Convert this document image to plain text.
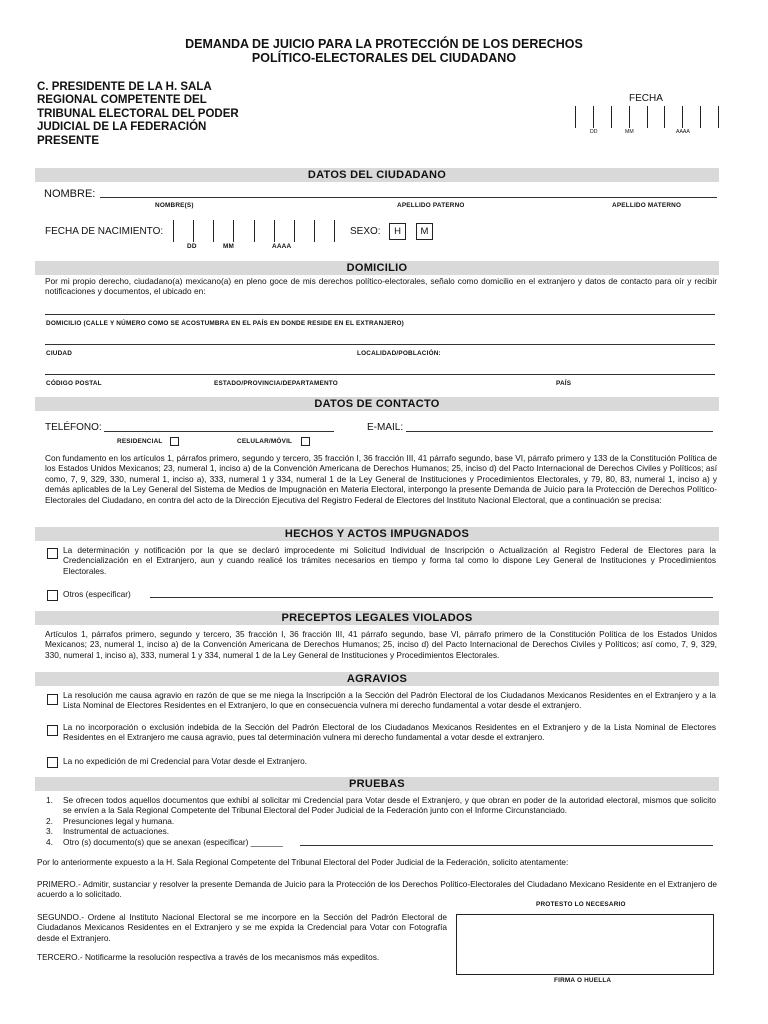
DEMANDA DE JUICIO PARA LA PROTECCIÓN DE LOS DERECHOS
POLÍTICO-ELECTORALES DEL CIUDADANO
C. PRESIDENTE DE LA H. SALA
REGIONAL COMPETENTE DEL
TRIBUNAL ELECTORAL DEL PODER
JUDICIAL DE LA FEDERACIÓN
PRESENTE
FECHA
DD	MM	AAAA
DATOS DEL CIUDADANO
NOMBRE:
NOMBRE(S)	APELLIDO PATERNO	APELLIDO MATERNO
FECHA DE NACIMIENTO:
DD	MM	AAAA
SEXO:	H	M
DOMICILIO
Por mi propio derecho, ciudadano(a) mexicano(a) en pleno goce de mis derechos político-electorales, señalo como domicilio en el extranjero y datos de contacto para oír y recibir notificaciones y documentos, el ubicado en:
DOMICILIO (CALLE Y NÚMERO COMO SE ACOSTUMBRA EN EL PAÍS EN DONDE RESIDE EN EL EXTRANJERO)
CIUDAD	LOCALIDAD/POBLACIÓN:
CÓDIGO POSTAL	ESTADO/PROVINCIA/DEPARTAMENTO	PAÍS
DATOS DE CONTACTO
TELÉFONO:	E-MAIL:
RESIDENCIAL	CELULAR/MÓVIL
Con fundamento en los artículos 1, párrafos primero, segundo y tercero, 35 fracción I, 36 fracción III, 41 párrafo segundo, base VI, párrafo primero y 133 de la Constitución Política de los Estados Unidos Mexicanos; 23, numeral 1, inciso a) de la Convención Americana de Derechos Humanos; 25, inciso d) del Pacto Internacional de Derechos Civiles y Políticos; así como, 7, 9, 329, 330, numeral 1, inciso a), 333, numeral 1 y 334, numeral 1 de la Ley General de Instituciones y Procedimientos Electorales, y 79, 80, 83, numeral 1, inciso a) y demás aplicables de la Ley General del Sistema de Medios de Impugnación en Materia Electoral, interpongo la presente Demanda de Juicio para la Protección de Derechos Político-Electorales del Ciudadano, en contra del acto de la Dirección Ejecutiva del Registro Federal de Electores del Instituto Nacional Electoral, que a continuación se precisa:
HECHOS Y ACTOS IMPUGNADOS
La determinación y notificación por la que se declaró improcedente mi Solicitud Individual de Inscripción o Actualización al Registro Federal de Electores para la Credencialización en el Extranjero, aun y cuando realicé los trámites necesarios en tiempo y forma tal como lo dispone Ley General de Instituciones y Procedimientos Electorales.
Otros (especificar)
PRECEPTOS LEGALES VIOLADOS
Artículos 1, párrafos primero, segundo y tercero, 35 fracción I, 36 fracción III, 41 párrafo segundo, base VI, párrafo primero de la Constitución Política de los Estados Unidos Mexicanos; 23, numeral 1, inciso a) de la Convención Americana de Derechos Humanos; 25, inciso d) del Pacto Internacional de Derechos Civiles y Políticos; así como, 7, 9, 329, 330, numeral 1, inciso a), 333, numeral 1 y 334, numeral 1 de la Ley General de Instituciones y Procedimientos Electorales.
AGRAVIOS
La resolución me causa agravio en razón de que se me niega la Inscripción a la Sección del Padrón Electoral de los Ciudadanos Mexicanos Residentes en el Extranjero y a la Lista Nominal de Electores Residentes en el Extranjero, lo que en consecuencia vulnera mi derecho fundamental a votar desde el extranjero.
La no incorporación o exclusión indebida de la Sección del Padrón Electoral de los Ciudadanos Mexicanos Residentes en el Extranjero y de la Lista Nominal de Electores Residentes en el Extranjero me causa agravio, pues tal determinación vulnera mi derecho fundamental a votar desde el extranjero.
La no expedición de mi Credencial para Votar desde el Extranjero.
PRUEBAS
1. Se ofrecen todos aquellos documentos que exhibí al solicitar mi Credencial para Votar desde el Extranjero, y que obran en poder de la autoridad electoral, mismos que solicito se envíen a la Sala Regional Competente del Tribunal Electoral del Poder Judicial de la Federación junto con el Informe Circunstanciado.
2. Presunciones legal y humana.
3. Instrumental de actuaciones.
4. Otro (s) documento(s) que se anexan (especificar) _______
Por lo anteriormente expuesto a la H. Sala Regional Competente del Tribunal Electoral del Poder Judicial de la Federación, solicito atentamente:
PRIMERO.- Admitir, sustanciar y resolver la presente Demanda de Juicio para la Protección de los Derechos Político-Electorales del Ciudadano Mexicano Residente en el Extranjero de acuerdo a lo solicitado.
SEGUNDO.- Ordene al Instituto Nacional Electoral se me incorpore en la Sección del Padrón Electoral de Ciudadanos Mexicanos Residentes en el Extranjero y se me expida la Credencial para Votar con Fotografía desde el Extranjero.
TERCERO.- Notificarme la resolución respectiva a través de los mecanismos más expeditos.
PROTESTO LO NECESARIO
FIRMA O HUELLA
